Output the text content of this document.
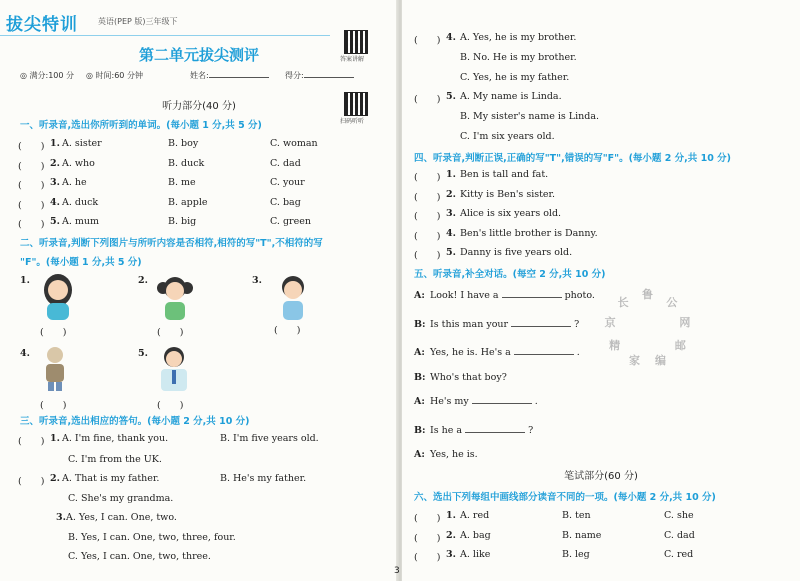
拔尖特训	英语(PEP 版)三年级下
答案讲解
第二单元拔尖测评
◎ 满分:100 分 ◎ 时间:60 分钟	姓名:	得分:
扫码听听
听力部分(40 分)
一、听录音,选出你所听到的单词。(每小题 1 分,共 5 分)
二、听录音,判断下列图片与所听内容是否相符,相符的写"T",不相符的写
"F"。(每小题 1 分,共 5 分)
1.
(　　)
2.
(　　)
3.
(　　)
4.
(　　)
5.
(　　)
三、听录音,选出相应的答句。(每小题 2 分,共 10 分)
(　　) 1. A. sister	B. boy	C. woman
(　　) 2. A. who	B. duck	C. dad
(　　) 3. A. he	B. me	C. your
(　　) 4. A. duck	B. apple	C. bag
(　　) 5. A. mum	B. big	C. green
(　　) 1. A. I'm fine, thank you.	B. I'm five years old.
C. I'm from the UK.
(　　) 2. A. That is my father.	B. He's my father.
C. She's my grandma.
3. A. Yes, I can. One, two.
B. Yes, I can. One, two, three, four.
C. Yes, I can. One, two, three.
四、听录音,判断正误,正确的写"T",错误的写"F"。(每小题 2 分,共 10 分)
五、听录音,补全对话。(每空 2 分,共 10 分)
笔试部分(60 分)
六、选出下列每组中画线部分读音不同的一项。(每小题 2 分,共 10 分)
(　　) 4. A. Yes, he is my brother.
B. No. He is my brother.
C. Yes, he is my father.
(　　) 5. A. My name is Linda.
B. My sister's name is Linda.
C. I'm six years old.
(　　) 1. Ben is tall and fat.
(　　) 2. Kitty is Ben's sister.
(　　) 3. Alice is six years old.
(　　) 4. Ben's little brother is Danny.
(　　) 5. Danny is five years old.
A: Look! I have a	photo.
B: Is this man your	?
A: Yes, he is. He's a	.
B: Who's that boy?
A: He's my	.
B: Is he a	?
A: Yes, he is.
(　　) 1. A. red	B. ten	C. she
(　　) 2. A. bag	B. name	C. dad
(　　) 3. A. like	B. leg	C. red
鲁
公
网
邮
编
家
精
京
长
3
